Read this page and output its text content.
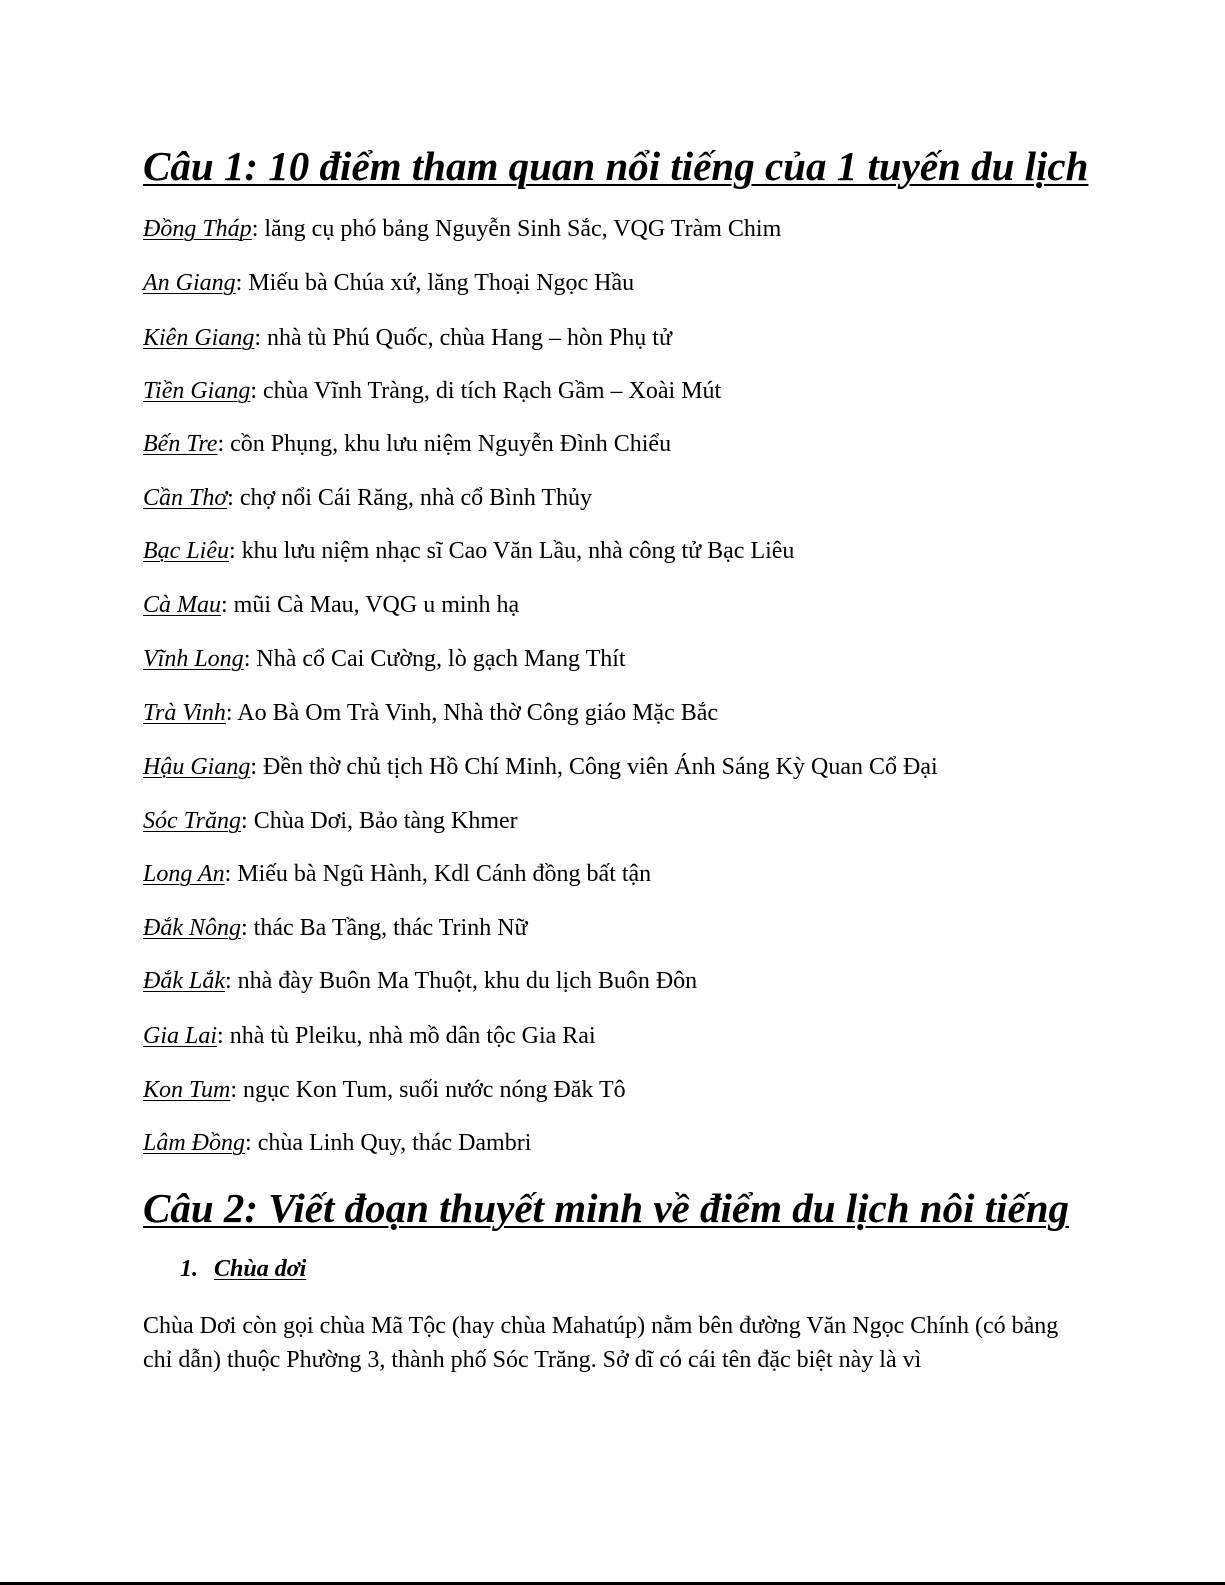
Câu 1: 10 điểm tham quan nổi tiếng của 1 tuyến du lịch

Đồng Tháp: lăng cụ phó bảng Nguyễn Sinh Sắc, VQG Tràm Chim

An Giang: Miếu bà Chúa xứ, lăng Thoại Ngọc Hầu

Kiên Giang: nhà tù Phú Quốc, chùa Hang – hòn Phụ tử

Tiền Giang: chùa Vĩnh Tràng, di tích Rạch Gầm – Xoài Mút

Bến Tre: cồn Phụng, khu lưu niệm Nguyễn Đình Chiểu

Cần Thơ: chợ nổi Cái Răng, nhà cổ Bình Thủy

Bạc Liêu: khu lưu niệm nhạc sĩ Cao Văn Lầu, nhà công tử Bạc Liêu

Cà Mau: mũi Cà Mau, VQG u minh hạ

Vĩnh Long: Nhà cổ Cai Cường, lò gạch Mang Thít

Trà Vinh: Ao Bà Om Trà Vinh, Nhà thờ Công giáo Mặc Bắc

Hậu Giang: Đền thờ chủ tịch Hồ Chí Minh, Công viên Ánh Sáng Kỳ Quan Cổ Đại

Sóc Trăng: Chùa Dơi, Bảo tàng Khmer

Long An: Miếu bà Ngũ Hành, Kdl Cánh đồng bất tận

Đắk Nông: thác Ba Tầng, thác Trinh Nữ

Đắk Lắk: nhà đày Buôn Ma Thuột, khu du lịch Buôn Đôn

Gia Lai: nhà tù Pleiku, nhà mồ dân tộc Gia Rai

Kon Tum: ngục Kon Tum, suối nước nóng Đăk Tô

Lâm Đồng: chùa Linh Quy, thác Dambri

Câu 2: Viết đoạn thuyết minh về điểm du lịch nôi tiếng
1. Chùa dơi

Chùa Dơi còn gọi chùa Mã Tộc (hay chùa Mahatúp) nằm bên đường Văn Ngọc Chính (có bảng chỉ dẫn) thuộc Phường 3, thành phố Sóc Trăng. Sở dĩ có cái tên đặc biệt này là vì
